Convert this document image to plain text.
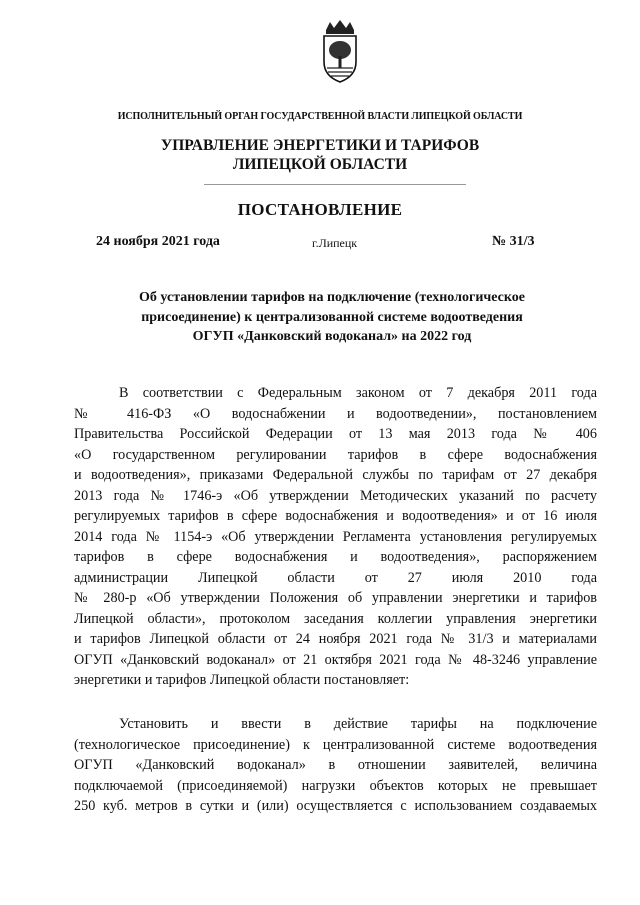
ИСПОЛНИТЕЛЬНЫЙ ОРГАН ГОСУДАРСТВЕННОЙ ВЛАСТИ ЛИПЕЦКОЙ ОБЛАСТИ
УПРАВЛЕНИЕ ЭНЕРГЕТИКИ И ТАРИФОВ
ЛИПЕЦКОЙ ОБЛАСТИ
ПОСТАНОВЛЕНИЕ
24 ноября 2021 года	г.Липецк	№ 31/3
Об установлении тарифов на подключение (технологическое
присоединение) к централизованной системе водоотведения
ОГУП «Данковский водоканал» на 2022 год
В соответствии с Федеральным законом от 7 декабря 2011 года
№ 416-ФЗ «О водоснабжении и водоотведении», постановлением
Правительства Российской Федерации от 13 мая 2013 года № 406
«О государственном регулировании тарифов в сфере водоснабжения
и водоотведения», приказами Федеральной службы по тарифам от 27 декабря
2013 года № 1746-э «Об утверждении Методических указаний по расчету
регулируемых тарифов в сфере водоснабжения и водоотведения» и от 16 июля
2014 года № 1154-э «Об утверждении Регламента установления регулируемых
тарифов в сфере водоснабжения и водоотведения», распоряжением
администрации Липецкой области от 27 июля 2010 года
№ 280-р «Об утверждении Положения об управлении энергетики и тарифов
Липецкой области», протоколом заседания коллегии управления энергетики
и тарифов Липецкой области от 24 ноября 2021 года № 31/3 и материалами
ОГУП «Данковский водоканал» от 21 октября 2021 года № 48-3246 управление
энергетики и тарифов Липецкой области постановляет:
Установить и ввести в действие тарифы на подключение
(технологическое присоединение) к централизованной системе водоотведения
ОГУП «Данковский водоканал» в отношении заявителей, величина
подключаемой (присоединяемой) нагрузки объектов которых не превышает
250 куб. метров в сутки и (или) осуществляется с использованием создаваемых
